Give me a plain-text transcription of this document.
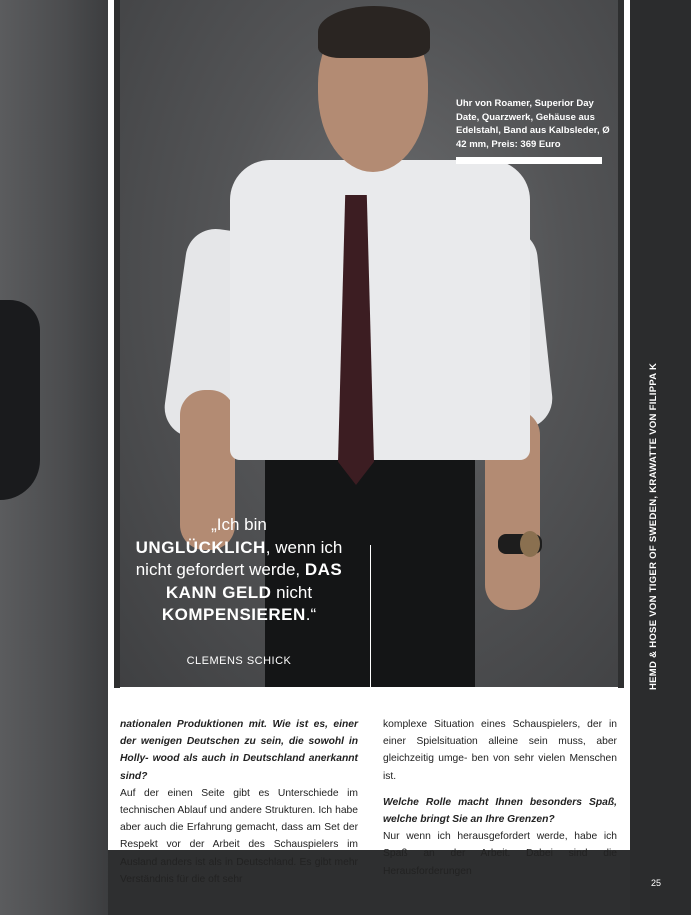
Uhr von Roamer, Superior Day Date, Quarzwerk, Gehäuse aus Edelstahl, Band aus Kalbsleder, Ø 42 mm, Preis: 369 Euro
„Ich bin
UNGLÜCKLICH, wenn ich nicht gefordert werde, DAS KANN GELD nicht
KOMPENSIEREN.“
CLEMENS SCHICK

nationalen Produktionen mit. Wie ist es, einer der wenigen Deutschen zu sein, die sowohl in Holly- wood als auch in Deutschland anerkannt sind?

Auf der einen Seite gibt es Unterschiede im technischen Ablauf und andere Strukturen. Ich habe aber auch die Erfahrung gemacht, dass am Set der Respekt vor der Arbeit des Schauspielers im Ausland anders ist als in Deutschland. Es gibt mehr Verständnis für die oft sehr

komplexe Situation eines Schauspielers, der in einer Spielsituation alleine sein muss, aber gleichzeitig umge- ben von sehr vielen Menschen ist.

Welche Rolle macht Ihnen besonders Spaß, welche bringt Sie an Ihre Grenzen?

Nur wenn ich herausgefordert werde, habe ich Spaß an der Arbeit. Dabei sind die Herausforderungen

HEMD & HOSE VON TIGER OF SWEDEN, KRAWATTE VON FILIPPA K
25
